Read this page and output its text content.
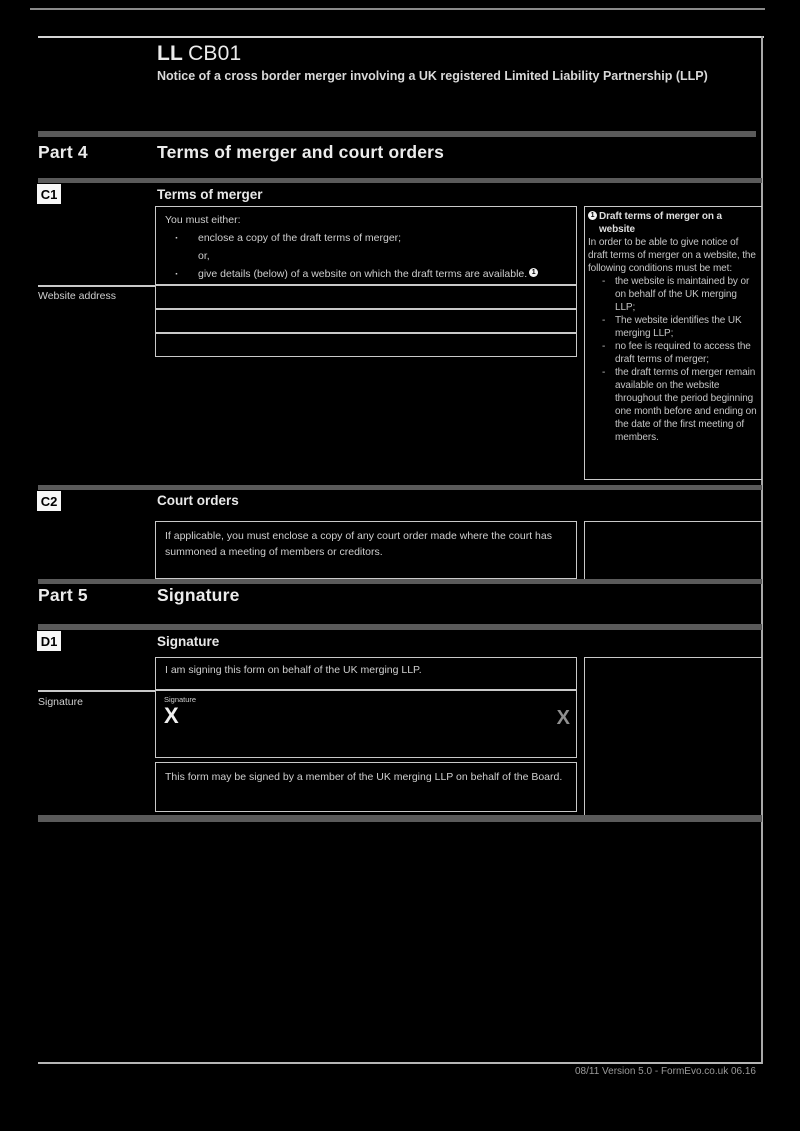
LL CB01
Notice of a cross border merger involving a UK registered Limited Liability Partnership (LLP)
Part 4	Terms of merger and court orders
C1	Terms of merger
You must either:
· enclose a copy of the draft terms of merger;
or,
· give details (below) of a website on which the draft terms are available. 1
Website address
1 Draft terms of merger on a website
In order to be able to give notice of draft terms of merger on a website, the following conditions must be met:
- the website is maintained by or on behalf of the UK merging LLP;
- The website identifies the UK merging LLP;
- no fee is required to access the draft terms of merger;
- the draft terms of merger remain available on the website throughout the period beginning one month before and ending on the date of the first meeting of members.
C2	Court orders
If applicable, you must enclose a copy of any court order made where the court has summoned a meeting of members or creditors.
Part 5	Signature
D1	Signature
I am signing this form on behalf of the UK merging LLP.
Signature	Signature
X	X
This form may be signed by a member of the UK merging LLP on behalf of the Board.
08/11 Version 5.0 - FormEvo.co.uk 06.16
